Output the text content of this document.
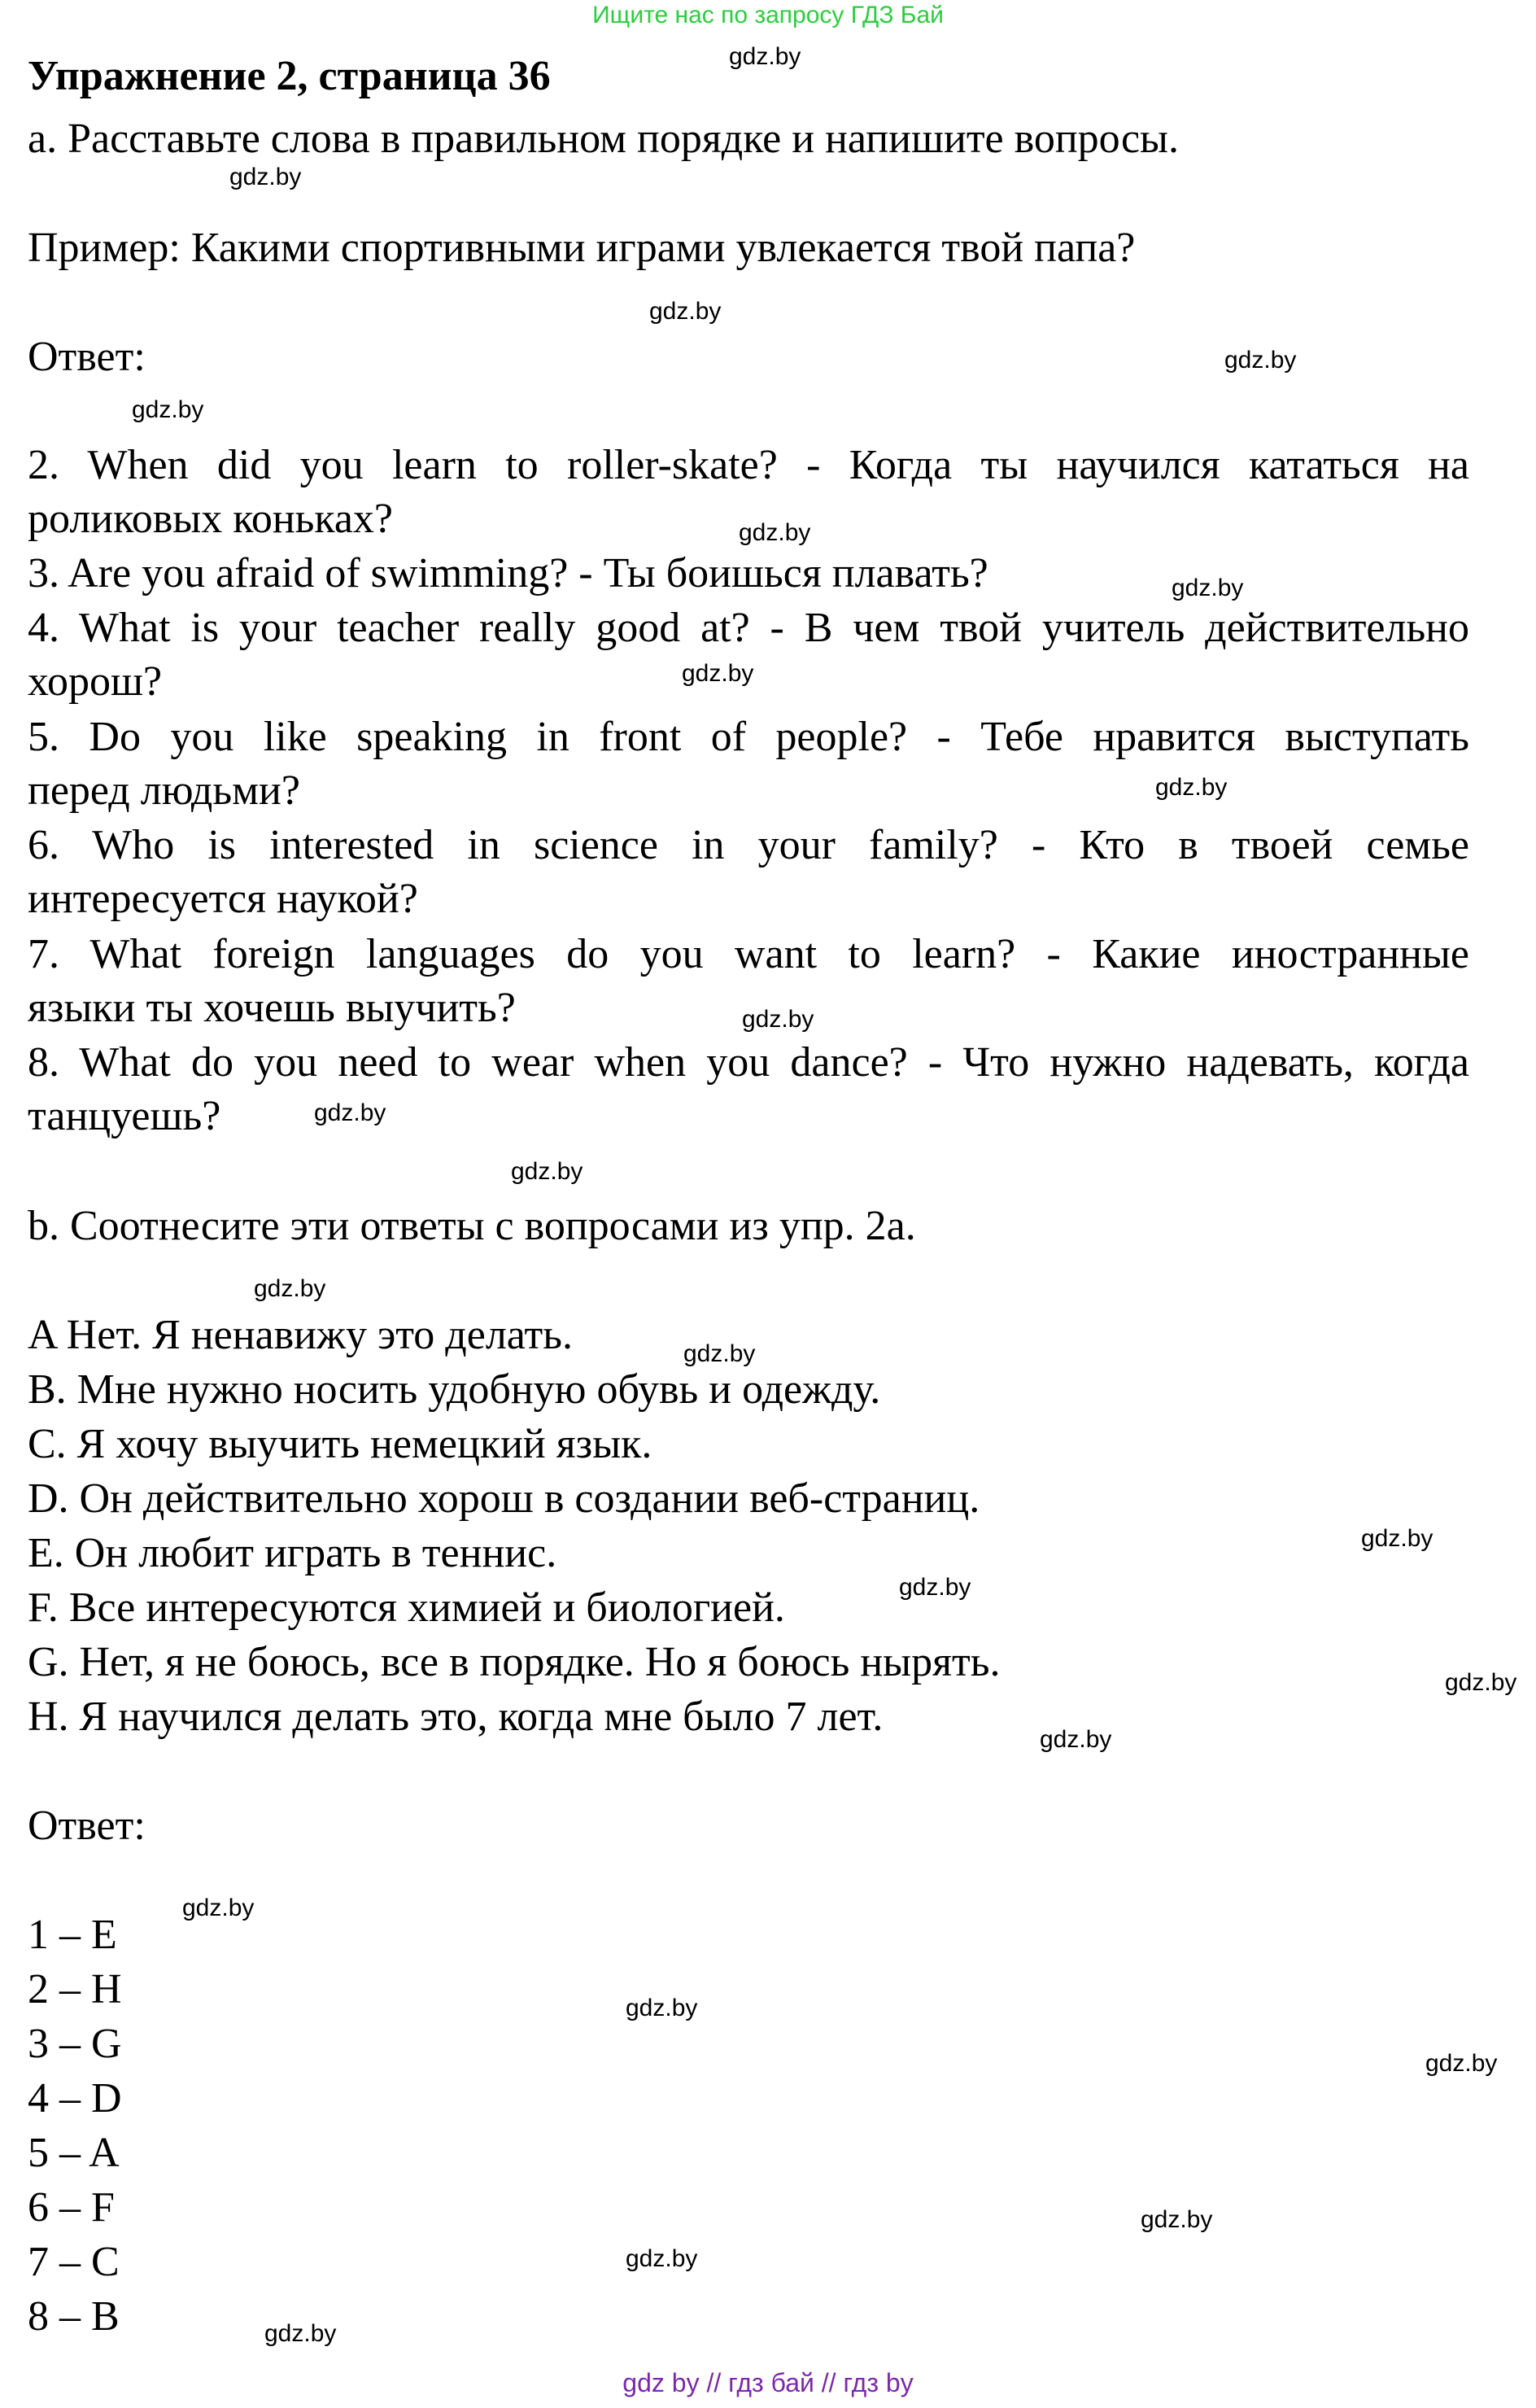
Ищите нас по запросу ГДЗ Бай
Упражнение 2, страница 36
a. Расставьте слова в правильном порядке и напишите вопросы.
Пример: Какими спортивными играми увлекается твой папа?
Ответ:
2. When did you learn to roller-skate? - Когда ты научился кататься на
роликовых коньках?
3. Are you afraid of swimming? - Ты боишься плавать?
4. What is your teacher really good at? - В чем твой учитель действительно
хорош?
5. Do you like speaking in front of people? - Тебе нравится выступать
перед людьми?
6. Who is interested in science in your family? - Кто в твоей семье
интересуется наукой?
7. What foreign languages do you want to learn? - Какие иностранные
языки ты хочешь выучить?
8. What do you need to wear when you dance? - Что нужно надевать, когда
танцуешь?
b. Соотнесите эти ответы с вопросами из упр. 2a.
A Нет. Я ненавижу это делать.
B. Мне нужно носить удобную обувь и одежду.
C. Я хочу выучить немецкий язык.
D. Он действительно хорош в создании веб-страниц.
E. Он любит играть в теннис.
F. Все интересуются химией и биологией.
G. Нет, я не боюсь, все в порядке. Но я боюсь нырять.
H. Я научился делать это, когда мне было 7 лет.
Ответ:
1 – E
2 – H
3 – G
4 – D
5 – A
6 – F
7 – C
8 – B
gdz.by
gdz.by
gdz.by
gdz.by
gdz.by
gdz.by
gdz.by
gdz.by
gdz.by
gdz.by
gdz.by
gdz.by
gdz.by
gdz.by
gdz.by
gdz.by
gdz.by
gdz.by
gdz.by
gdz.by
gdz.by
gdz.by
gdz.by
gdz.by
gdz by // гдз бай // гдз by
